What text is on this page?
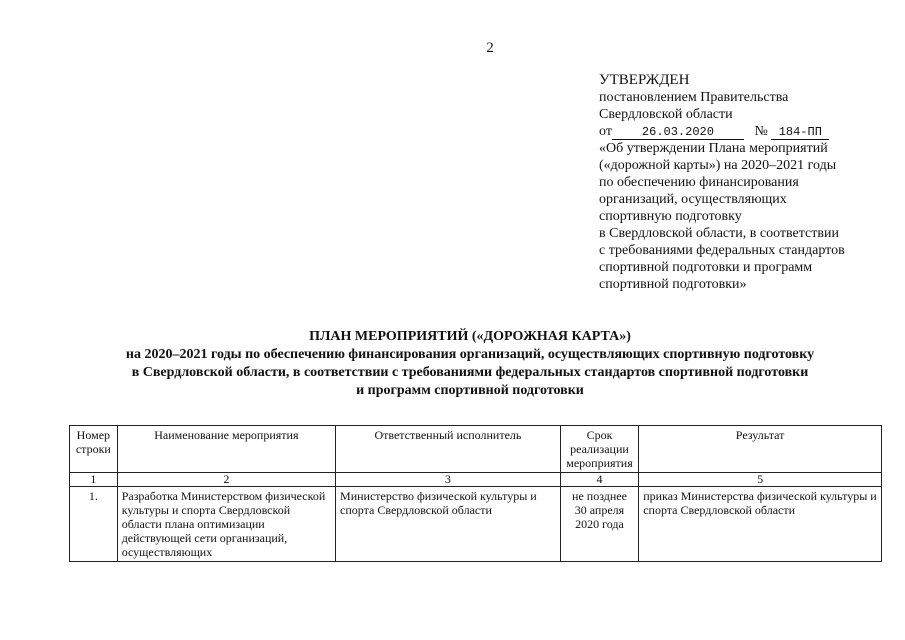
2
УТВЕРЖДЕН
постановлением Правительства
Свердловской области
от 26.03.2020	№ 184-ПП
«Об утверждении Плана мероприятий
(«дорожной карты») на 2020–2021 годы
по обеспечению финансирования
организаций, осуществляющих
спортивную подготовку
в Свердловской области, в соответствии
с требованиями федеральных стандартов
спортивной подготовки и программ
спортивной подготовки»
ПЛАН МЕРОПРИЯТИЙ («ДОРОЖНАЯ КАРТА»)
на 2020–2021 годы по обеспечению финансирования организаций, осуществляющих спортивную подготовку
в Свердловской области, в соответствии с требованиями федеральных стандартов спортивной подготовки
и программ спортивной подготовки
Номер строки	Наименование мероприятия	Ответственный исполнитель	Срок реализации мероприятия	Результат
1	2	3	4	5
1.	Разработка Министерством физической культуры и спорта Свердловской области плана оптимизации действующей сети организаций, осуществляющих	Министерство физической культуры и спорта Свердловской области	не позднее 30 апреля 2020 года	приказ Министерства физической культуры и спорта Свердловской области
